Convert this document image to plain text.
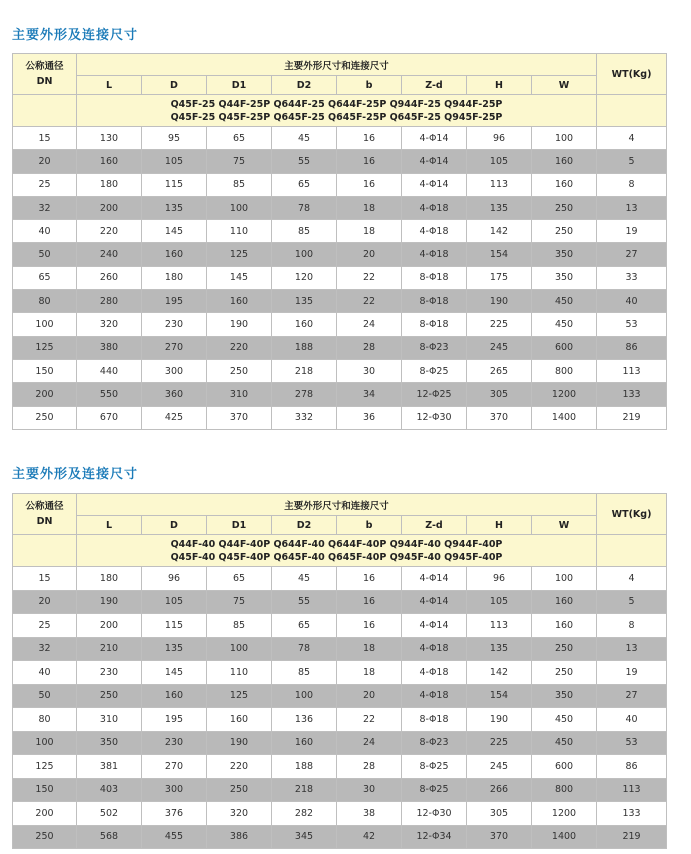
主要外形及连接尺寸
公称通径
DN	主要外形尺寸和连接尺寸								WT(Kg)
	L	D	D1	D2	b	Z-d	H	W	

	Q45F-25 Q44F-25P Q644F-25 Q644F-25P Q944F-25 Q944F-25P
Q45F-25 Q45F-25P Q645F-25 Q645F-25P Q645F-25 Q945F-25P								

15	130	95	65	45	16	4-Φ14	96	100	4
20	160	105	75	55	16	4-Φ14	105	160	5
25	180	115	85	65	16	4-Φ14	113	160	8
32	200	135	100	78	18	4-Φ18	135	250	13
40	220	145	110	85	18	4-Φ18	142	250	19
50	240	160	125	100	20	4-Φ18	154	350	27
65	260	180	145	120	22	8-Φ18	175	350	33
80	280	195	160	135	22	8-Φ18	190	450	40
100	320	230	190	160	24	8-Φ18	225	450	53
125	380	270	220	188	28	8-Φ23	245	600	86
150	440	300	250	218	30	8-Φ25	265	800	113
200	550	360	310	278	34	12-Φ25	305	1200	133
250	670	425	370	332	36	12-Φ30	370	1400	219
主要外形及连接尺寸
公称通径
DN	主要外形尺寸和连接尺寸								WT(Kg)
	L	D	D1	D2	b	Z-d	H	W	

	Q44F-40 Q44F-40P Q644F-40 Q644F-40P Q944F-40 Q944F-40P
Q45F-40 Q45F-40P Q645F-40 Q645F-40P Q945F-40 Q945F-40P								

15	180	96	65	45	16	4-Φ14	96	100	4
20	190	105	75	55	16	4-Φ14	105	160	5
25	200	115	85	65	16	4-Φ14	113	160	8
32	210	135	100	78	18	4-Φ18	135	250	13
40	230	145	110	85	18	4-Φ18	142	250	19
50	250	160	125	100	20	4-Φ18	154	350	27
80	310	195	160	136	22	8-Φ18	190	450	40
100	350	230	190	160	24	8-Φ23	225	450	53
125	381	270	220	188	28	8-Φ25	245	600	86
150	403	300	250	218	30	8-Φ25	266	800	113
200	502	376	320	282	38	12-Φ30	305	1200	133
250	568	455	386	345	42	12-Φ34	370	1400	219
